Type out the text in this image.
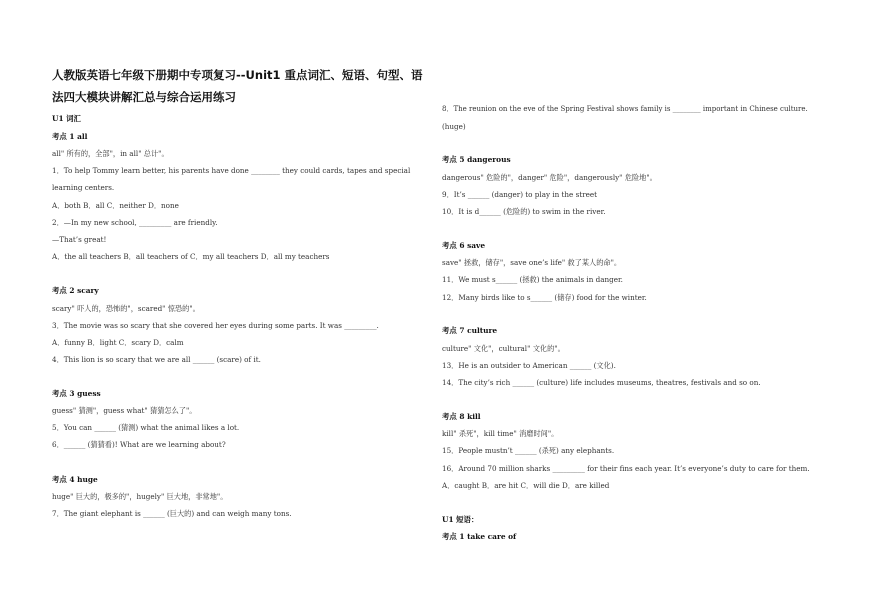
人教版英语七年级下册期中专项复习--Unit1 重点词汇、短语、句型、语
法四大模块讲解汇总与综合运用练习
U1 词汇
考点 1 all
all" 所有的，全部"，in all" 总计"。
1．To help Tommy learn better, his parents have done ________ they could cards, tapes and special
learning centers.
A．both B．all C．neither D．none
2．—In my new school, _________ are friendly.
—That’s great!
A．the all teachers B．all teachers of C．my all teachers D．all my teachers
考点 2 scary
scary" 吓人的，恐怖的"，scared" 惊恐的"。
3．The movie was so scary that she covered her eyes during some parts. It was _________.
A．funny B．light C．scary D．calm
4．This lion is so scary that we are all ______ (scare) of it.
考点 3 guess
guess" 猜测"，guess what" 猜猜怎么了"。
5．You can ______ (猜测) what the animal likes a lot.
6．______ (猜猜看)! What are we learning about?
考点 4 huge
huge" 巨大的，极多的"，hugely" 巨大地，非常地"。
7．The giant elephant is ______ (巨大的) and can weigh many tons.
8．The reunion on the eve of the Spring Festival shows family is ________ important in Chinese culture.
(huge)
考点 5 dangerous
dangerous" 危险的"，danger" 危险"，dangerously" 危险地"。
9．It’s ______ (danger) to play in the street
10．It is d______ (危险的) to swim in the river.
考点 6 save
save" 拯救，储存"，save one’s life" 救了某人的命"。
11．We must s______ (拯救) the animals in danger.
12．Many birds like to s______ (储存) food for the winter.
考点 7 culture
culture" 文化"，cultural" 文化的"。
13．He is an outsider to American ______ (文化).
14．The city’s rich ______ (culture) life includes museums, theatres, festivals and so on.
考点 8 kill
kill" 杀死"，kill time" 消磨时间"。
15．People mustn’t ______ (杀死) any elephants.
16．Around 70 million sharks _________ for their fins each year. It’s everyone’s duty to care for them.
A．caught B．are hit C．will die D．are killed
U1 短语：
考点 1 take care of
